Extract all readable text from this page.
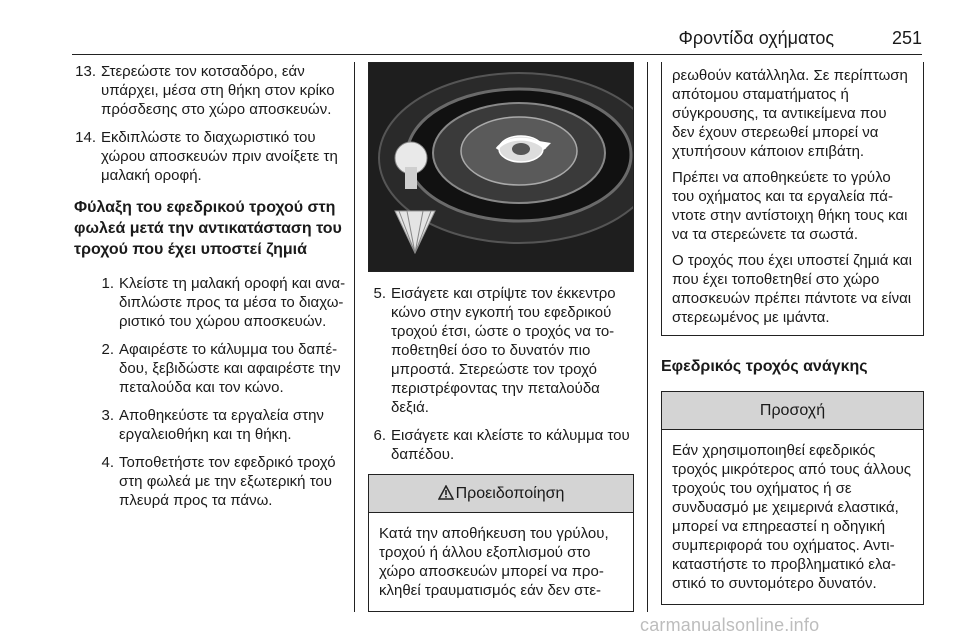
Φροντίδα οχήματος	251
13. Στερεώστε τον κοτσαδόρο, εάν υπάρχει, μέσα στη θήκη στον κρίκο πρόσδεσης στο χώρο αποσκευών.
14. Εκδιπλώστε το διαχωριστικό του χώρου αποσκευών πριν ανοίξετε τη μαλακή οροφή.
Φύλαξη του εφεδρικού τροχού στη φωλεά μετά την αντικατάσταση του τροχού που έχει υποστεί ζημιά
1. Κλείστε τη μαλακή οροφή και αναδιπλώστε προς τα μέσα το διαχωριστικό του χώρου αποσκευών.
2. Αφαιρέστε το κάλυμμα του δαπέδου, ξεβιδώστε και αφαιρέστε την πεταλούδα και τον κώνο.
3. Αποθηκεύστε τα εργαλεία στην εργαλειοθήκη και τη θήκη.
4. Τοποθετήστε τον εφεδρικό τροχό στη φωλεά με την εξωτερική του πλευρά προς τα πάνω.
5. Εισάγετε και στρίψτε τον έκκεντρο κώνο στην εγκοπή του εφεδρικού τροχού έτσι, ώστε ο τροχός να τοποθετηθεί όσο το δυνατόν πιο μπροστά. Στερεώστε τον τροχό περιστρέφοντας την πεταλούδα δεξιά.
6. Εισάγετε και κλείστε το κάλυμμα του δαπέδου.
Προειδοποίηση
Κατά την αποθήκευση του γρύλου, τροχού ή άλλου εξοπλισμού στο χώρο αποσκευών μπορεί να προκληθεί τραυματισμός εάν δεν στε-

ρεωθούν κατάλληλα. Σε περίπτωση απότομου σταματήματος ή σύγκρουσης, τα αντικείμενα που δεν έχουν στερεωθεί μπορεί να χτυπήσουν κάποιον επιβάτη.

Πρέπει να αποθηκεύετε το γρύλο του οχήματος και τα εργαλεία πάντοτε στην αντίστοιχη θήκη τους και να τα στερεώνετε τα σωστά.

Ο τροχός που έχει υποστεί ζημιά και που έχει τοποθετηθεί στο χώρο αποσκευών πρέπει πάντοτε να είναι στερεωμένος με ιμάντα.

Εφεδρικός τροχός ανάγκης
Προσοχή
Εάν χρησιμοποιηθεί εφεδρικός τροχός μικρότερος από τους άλλους τροχούς του οχήματος ή σε συνδυασμό με χειμερινά ελαστικά, μπορεί να επηρεαστεί η οδηγική συμπεριφορά του οχήματος. Αντικαταστήστε το προβληματικό ελαστικό το συντομότερο δυνατόν.
carmanualsonline.info
